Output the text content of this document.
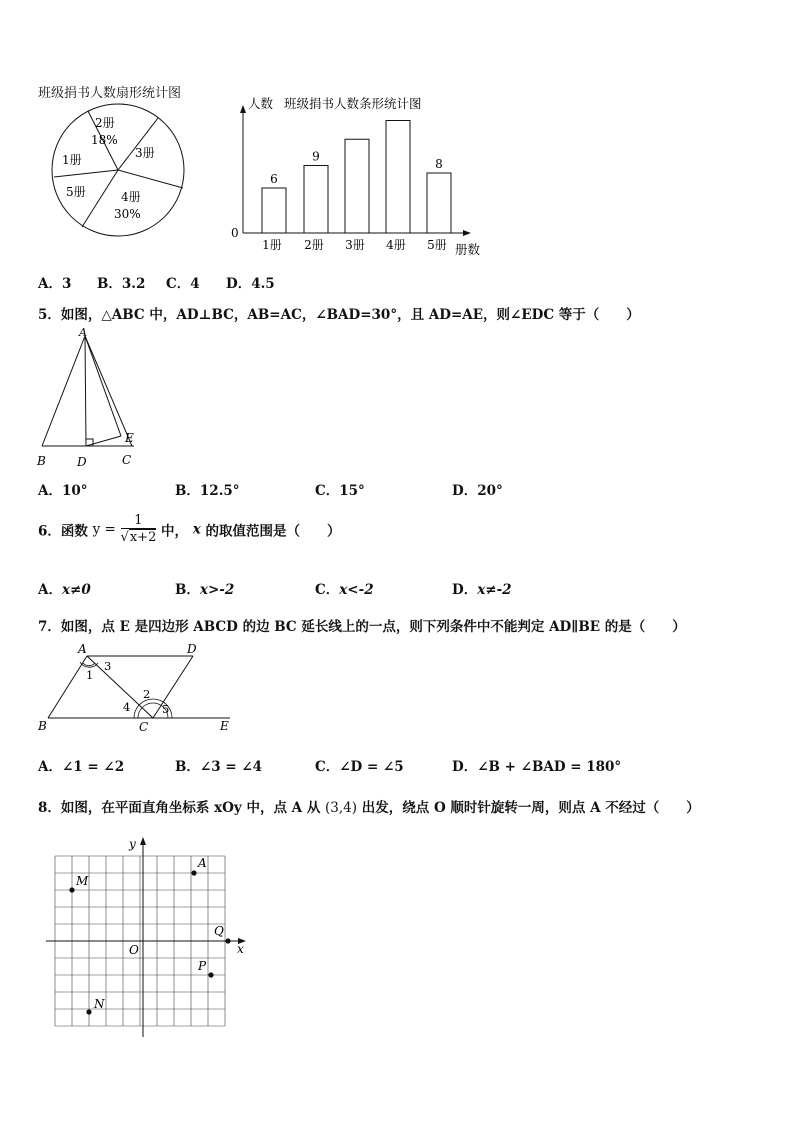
班级捐书人数扇形统计图
2册
18%
3册
1册
5册	4册
30%
6
1册
9
2册 3册 4册
8
5册
人数 班级捐书人数条形统计图
0
册数
A．3 B．3.2 C．4 D．4.5
5．如图，△ABC 中，AD⊥BC，AB=AC，∠BAD=30°，且 AD=AE，则∠EDC 等于（　　）
A
B	D	C
E
A．10°	B．12.5°	C．15°	D．20°
6．函数 $y = \frac{1}{√x+2}$ 中， x 的取值范围是（　　）
A．x≠0	B．x>-2	C．x<-2	D．x≠-2
7．如图，点 E 是四边形 ABCD 的边 BC 延长线上的一点，则下列条件中不能判定 AD∥BE 的是（　　）
A	D
B	C	E
1
3
2
4	5
A．∠1 = ∠2	B．∠3 = ∠4	C．∠D = ∠5	D．∠B + ∠BAD = 180°
8．如图，在平面直角坐标系 xOy 中，点 A 从 (3,4) 出发，绕点 O 顺时针旋转一周，则点 A 不经过（　　）
y
x
O
A
M
Q
P
N
